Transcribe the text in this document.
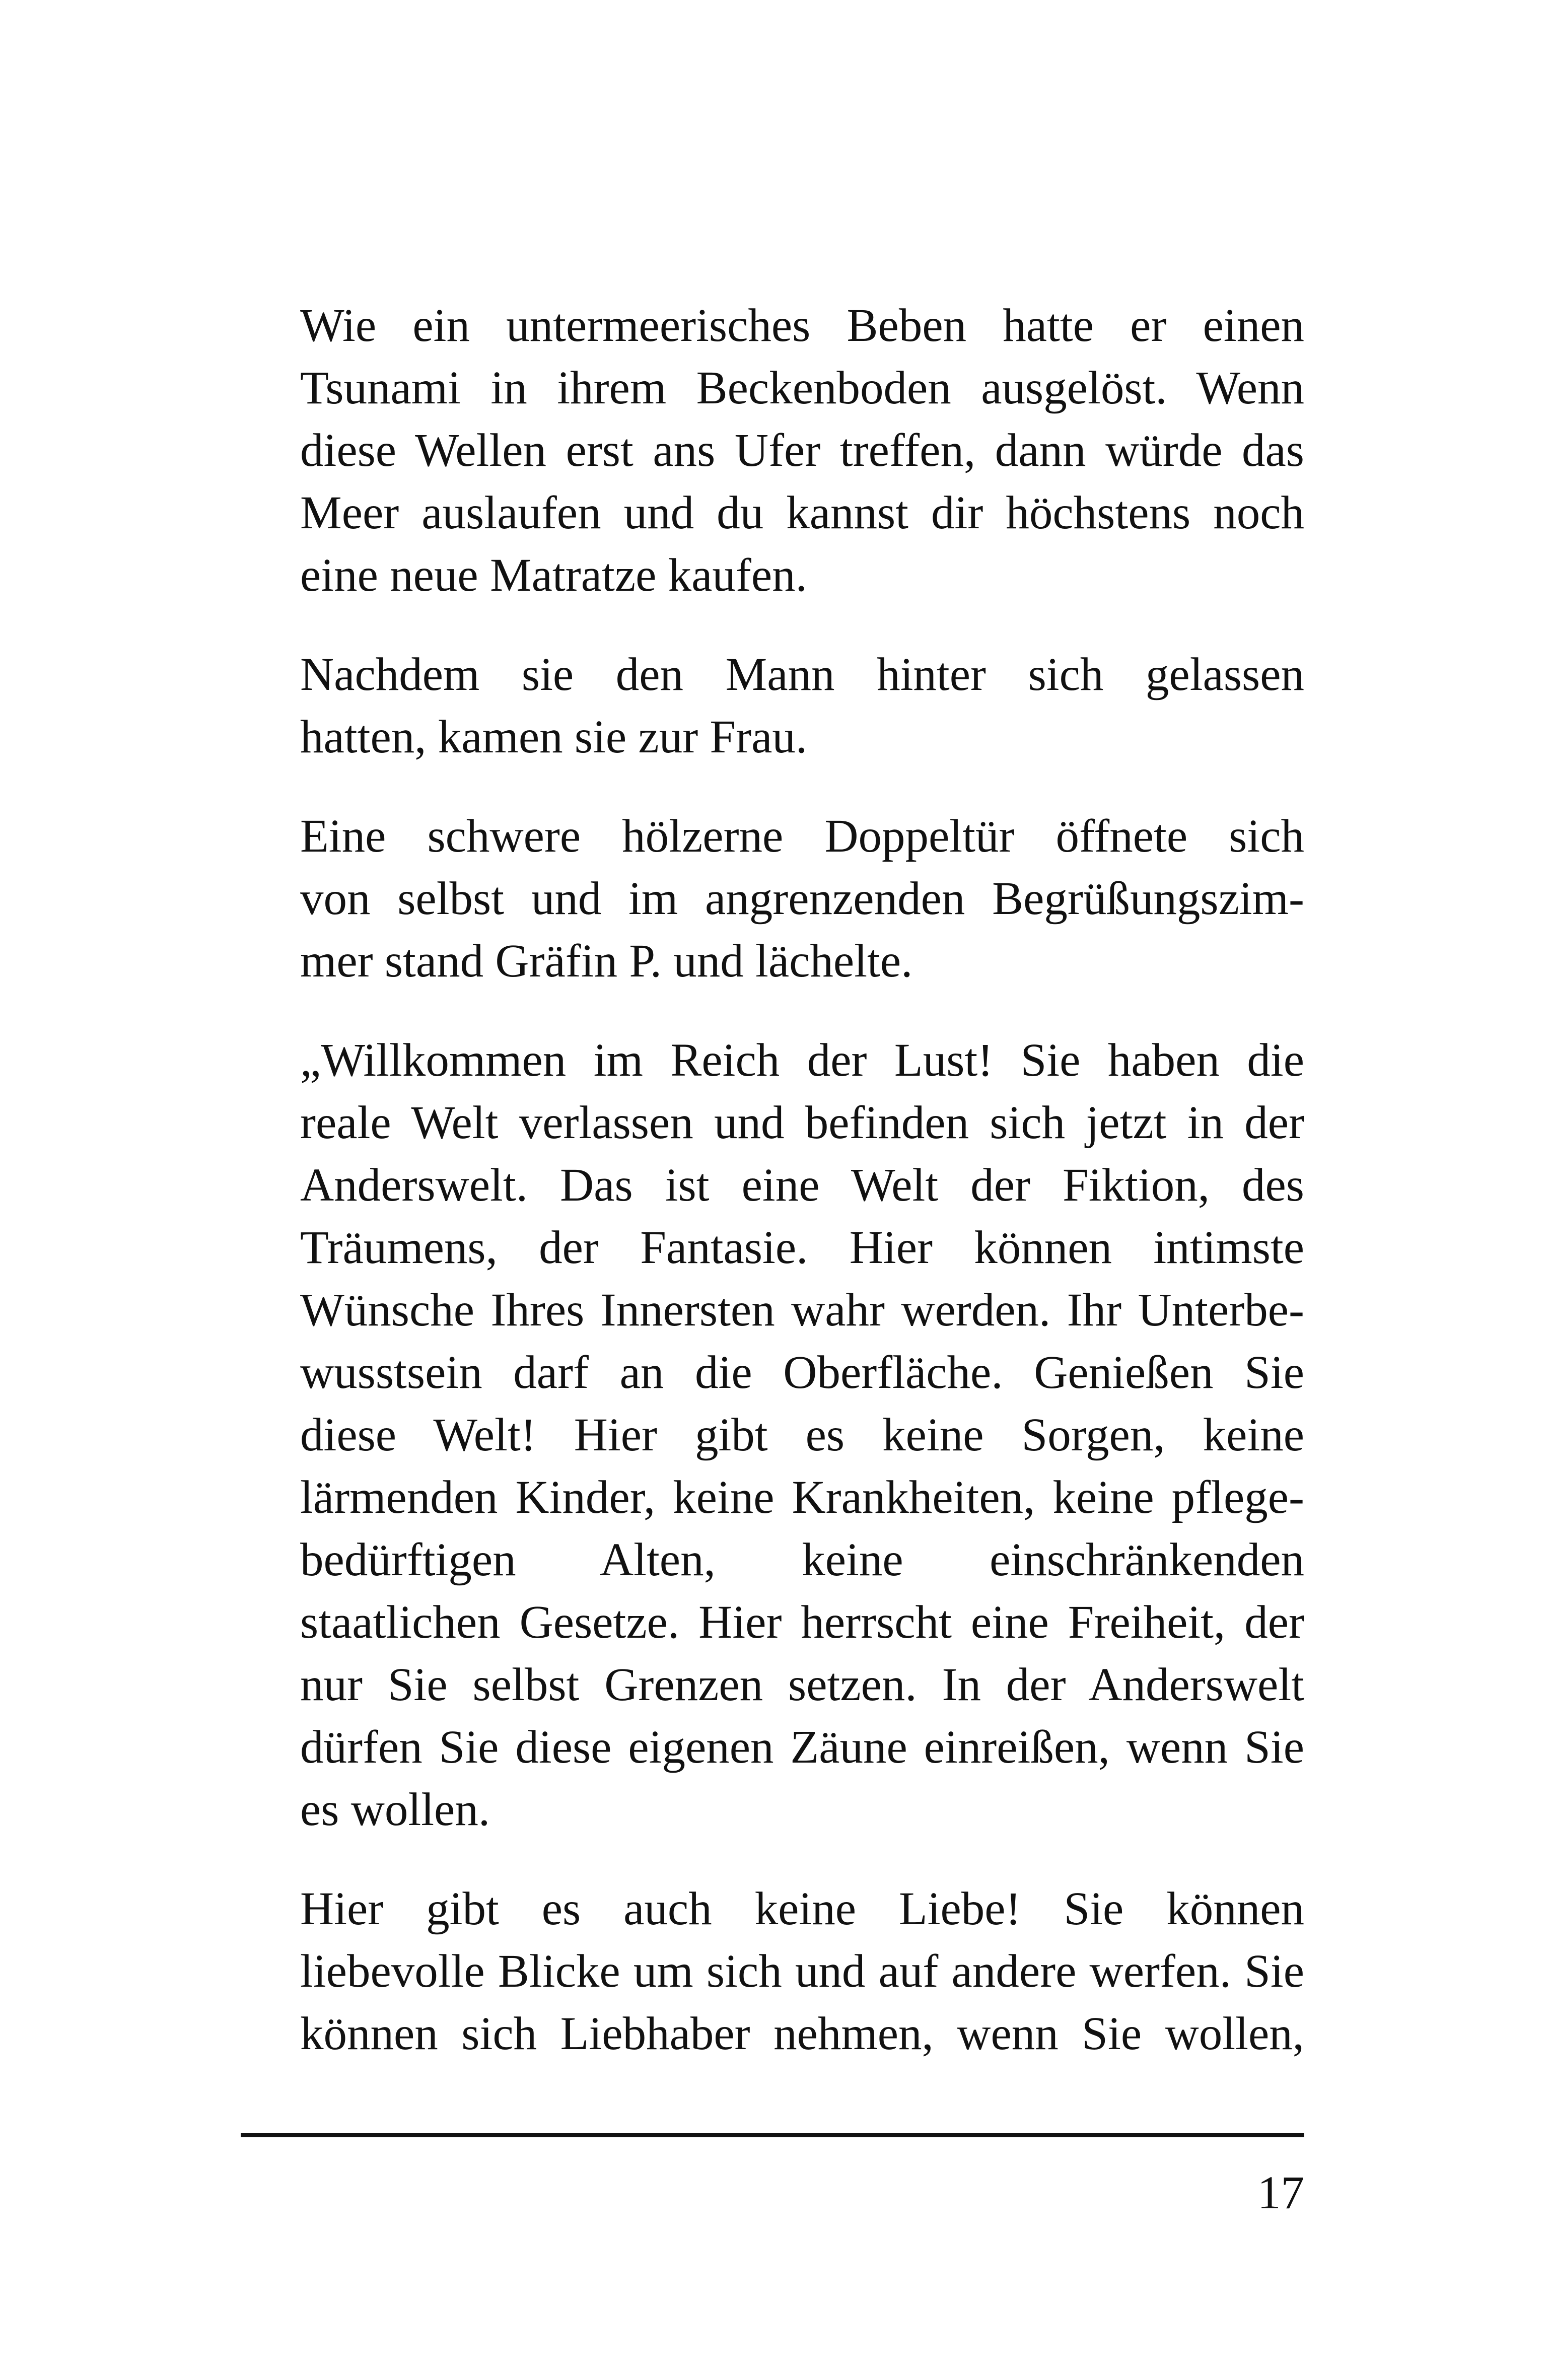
Wie ein untermeerisches Beben hatte er einen
Tsunami in ihrem Beckenboden ausgelöst. Wenn
diese Wellen erst ans Ufer treffen, dann würde das
Meer auslaufen und du kannst dir höchstens noch
eine neue Matratze kaufen.

Nachdem sie den Mann hinter sich gelassen
hatten, kamen sie zur Frau.

Eine schwere hölzerne Doppeltür öffnete sich
von selbst und im angrenzenden Begrüßungszim-
mer stand Gräfin P. und lächelte.

„Willkommen im Reich der Lust! Sie haben die
reale Welt verlassen und befinden sich jetzt in der
Anderswelt. Das ist eine Welt der Fiktion, des
Träumens, der Fantasie. Hier können intimste
Wünsche Ihres Innersten wahr werden. Ihr Unterbe-
wusstsein darf an die Oberfläche. Genießen Sie
diese Welt! Hier gibt es keine Sorgen, keine
lärmenden Kinder, keine Krankheiten, keine pflege-
bedürftigen Alten, keine einschränkenden
staatlichen Gesetze. Hier herrscht eine Freiheit, der
nur Sie selbst Grenzen setzen. In der Anderswelt
dürfen Sie diese eigenen Zäune einreißen, wenn Sie
es wollen.

Hier gibt es auch keine Liebe! Sie können
liebevolle Blicke um sich und auf andere werfen. Sie
können sich Liebhaber nehmen, wenn Sie wollen,

17
